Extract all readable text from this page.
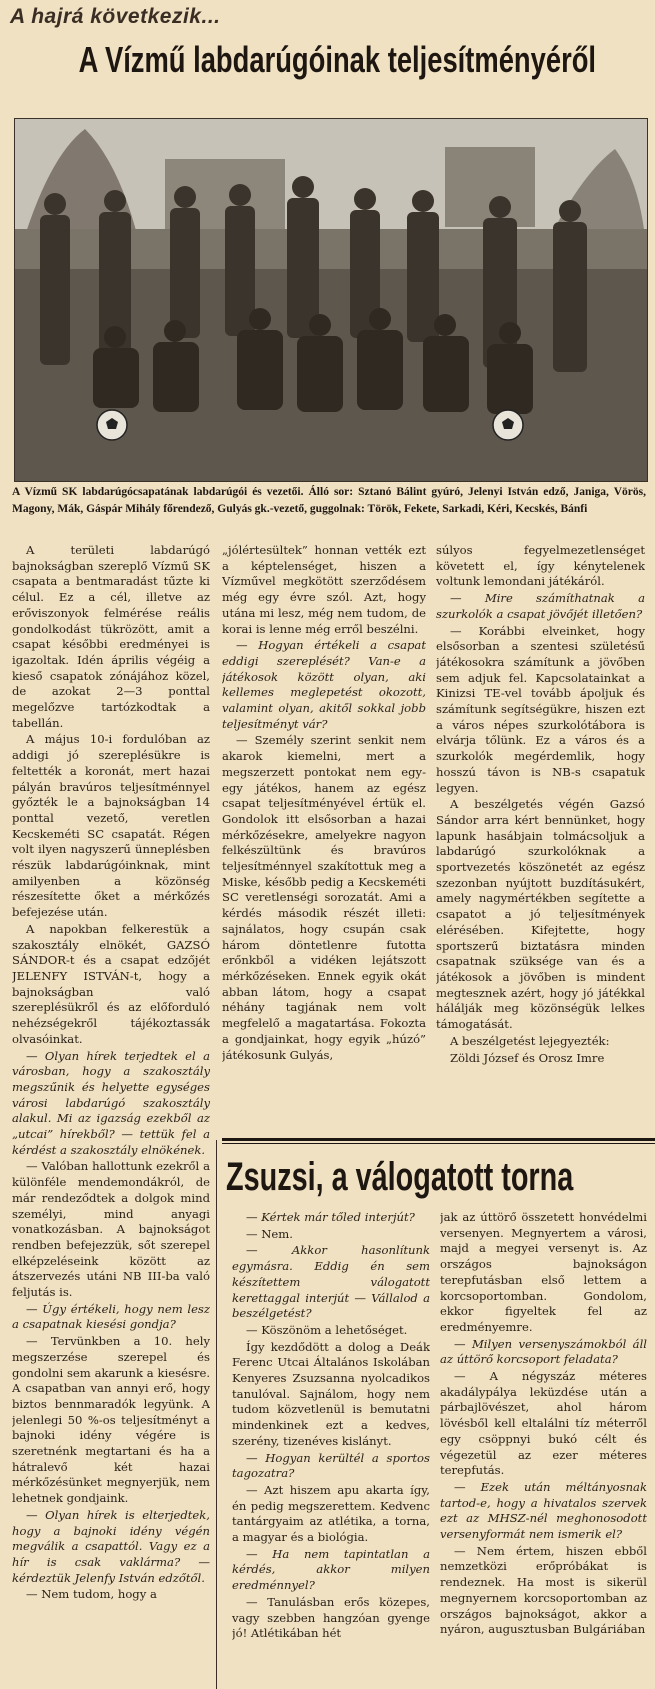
A hajrá következik...
A Vízmű labdarúgóinak teljesítményéről
A Vízmű SK labdarúgócsapatának labdarúgói és vezetői. Álló sor: Sztanó Bálint gyúró, Jelenyi István edző, Janiga, Vörös, Magony, Mák, Gáspár Mihály főrendező, Gulyás gk.-vezető, guggolnak: Török, Fekete, Sarkadi, Kéri, Kecskés, Bánfi

A területi labdarúgó bajnokságban szereplő Vízmű SK csapata a bentmaradást tűzte ki célul. Ez a cél, illetve az erőviszonyok felmérése reális gondolkodást tükrözött, amit a csapat későbbi eredményei is igazoltak. Idén április végéig a kieső csapatok zónájához közel, de azokat 2—3 ponttal megelőzve tartózkodtak a tabellán.

A május 10-i fordulóban az addigi jó szereplésükre is feltették a koronát, mert hazai pályán bravúros teljesítménnyel győzték le a bajnokságban 14 ponttal vezető, veretlen Kecskeméti SC csapatát. Régen volt ilyen nagyszerű ünneplésben részük labdarúgóinknak, mint amilyenben a közönség részesítette őket a mérkőzés befejezése után.

A napokban felkerestük a szakosztály elnökét, GAZSÓ SÁNDOR-t és a csapat edzőjét JELENFY ISTVÁN-t, hogy a bajnokságban való szereplésükről és az előforduló nehézségekről tájékoztassák olvasóinkat.

— Olyan hírek terjedtek el a városban, hogy a szakosztály megszűnik és helyette egységes városi labdarúgó szakosztály alakul. Mi az igazság ezekből az „utcai” hírekből? — tettük fel a kérdést a szakosztály elnökének.

— Valóban hallottunk ezekről a különféle mendemondákról, de már rendeződtek a dolgok mind személyi, mind anyagi vonatkozásban. A bajnokságot rendben befejezzük, sőt szerepel elképzeléseink között az átszervezés utáni NB III-ba való feljutás is.

— Úgy értékeli, hogy nem lesz a csapatnak kiesési gondja?

— Tervünkben a 10. hely megszerzése szerepel és gondolni sem akarunk a kiesésre. A csapatban van annyi erő, hogy biztos bennmaradók legyünk. A jelenlegi 50 %-os teljesítményt a bajnoki idény végére is szeretnénk megtartani és ha a hátralevő két hazai mérkőzésünket megnyerjük, nem lehetnek gondjaink.

— Olyan hírek is elterjedtek, hogy a bajnoki idény végén megválik a csapattól. Vagy ez a hír is csak vaklárma? — kérdeztük Jelenfy István edzőtől.

— Nem tudom, hogy a

„jólértesültek” honnan vették ezt a képtelenséget, hiszen a Vízművel megkötött szerződésem még egy évre szól. Azt, hogy utána mi lesz, még nem tudom, de korai is lenne még erről beszélni.

— Hogyan értékeli a csapat eddigi szereplését? Van-e a játékosok között olyan, aki kellemes meglepetést okozott, valamint olyan, akitől sokkal jobb teljesítményt vár?

— Személy szerint senkit nem akarok kiemelni, mert a megszerzett pontokat nem egy-egy játékos, hanem az egész csapat teljesítményével értük el. Gondolok itt elsősorban a hazai mérkőzésekre, amelyekre nagyon felkészültünk és bravúros teljesítménnyel szakítottuk meg a Miske, később pedig a Kecskeméti SC veretlenségi sorozatát. Ami a kérdés második részét illeti: sajnálatos, hogy csupán csak három döntetlenre futotta erőnkből a vidéken lejátszott mérkőzéseken. Ennek egyik okát abban látom, hogy a csapat néhány tagjának nem volt megfelelő a magatartása. Fokozta a gondjainkat, hogy egyik „húzó” játékosunk Gulyás,

súlyos fegyelmezetlenséget követett el, így kénytelenek voltunk lemondani játékáról.

— Mire számíthatnak a szurkolók a csapat jövőjét illetően?

— Korábbi elveinket, hogy elsősorban a szentesi születésű játékosokra számítunk a jövőben sem adjuk fel. Kapcsolatainkat a Kinizsi TE-vel tovább ápoljuk és számítunk segítségükre, hiszen ezt a város népes szurkolótábora is elvárja tőlünk. Ez a város és a szurkolók megérdemlik, hogy hosszú távon is NB-s csapatuk legyen.

A beszélgetés végén Gazsó Sándor arra kért bennünket, hogy lapunk hasábjain tolmácsoljuk a labdarúgó szurkolóknak a sportvezetés köszönetét az egész szezonban nyújtott buzdításukért, amely nagymértékben segítette a csapatot a jó teljesítmények elérésében. Kifejtette, hogy sportszerű biztatásra minden csapatnak szüksége van és a játékosok a jövőben is mindent megtesznek azért, hogy jó játékkal hálálják meg közönségük lelkes támogatását.

A beszélgetést lejegyezték:

Zöldi József és Orosz Imre

Zsuzsi, a válogatott torna

— Kértek már tőled interjút?

— Nem.

— Akkor hasonlítunk egymásra. Eddig én sem készítettem válogatott kerettaggal interjút — Vállalod a beszélgetést?

— Köszönöm a lehetőséget.

Így kezdődött a dolog a Deák Ferenc Utcai Általános Iskolában Kenyeres Zsuzsanna nyolcadikos tanulóval. Sajnálom, hogy nem tudom közvetlenül is bemutatni mindenkinek ezt a kedves, szerény, tizenéves kislányt.

— Hogyan kerültél a sportos tagozatra?

— Azt hiszem apu akarta így, én pedig megszerettem. Kedvenc tantárgyaim az atlétika, a torna, a magyar és a biológia.

— Ha nem tapintatlan a kérdés, akkor milyen eredménnyel?

— Tanulásban erős közepes, vagy szebben hangzóan gyenge jó! Atlétikában hét

jak az úttörő összetett honvédelmi versenyen. Megnyertem a városi, majd a megyei versenyt is. Az országos bajnokságon terepfutásban első lettem a korcsoportomban. Gondolom, ekkor figyeltek fel az eredményemre.

— Milyen versenyszámokból áll az úttörő korcsoport feladata?

— A négyszáz méteres akadálypálya leküzdése után a párbajlövészet, ahol három lövésből kell eltalálni tíz méterről egy csöppnyi bukó célt és végezetül az ezer méteres terepfutás.

— Ezek után méltányosnak tartod-e, hogy a hivatalos szervek ezt az MHSZ-nél meghonosodott versenyformát nem ismerik el?

— Nem értem, hiszen ebből nemzetközi erőpróbákat is rendeznek. Ha most is sikerül megnyernem korcsoportomban az országos bajnokságot, akkor a nyáron, augusztusban Bulgáriában
